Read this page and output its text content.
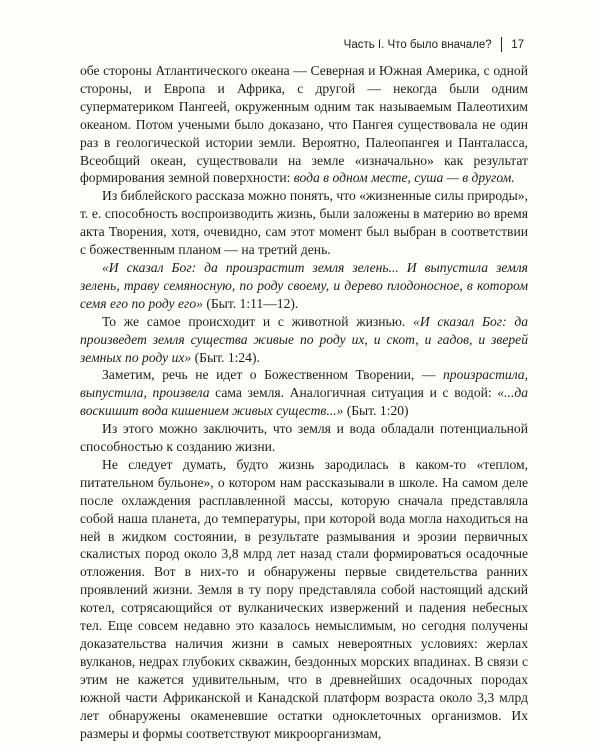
Часть I. Что было вначале? 17

обе стороны Атлантического океана — Северная и Южная Америка, с одной стороны, и Европа и Африка, с другой — некогда были одним суперматериком Пангеей, окруженным одним так называемым Палеотихим океаном. Потом учеными было доказано, что Пангея существовала не один раз в геологической истории земли. Вероятно, Палеопангея и Панталасса, Всеобщий океан, существовали на земле «изначально» как результат формирования земной поверхности: вода в одном месте, суша — в другом.

Из библейского рассказа можно понять, что «жизненные силы природы», т. е. способность воспроизводить жизнь, были заложены в материю во время акта Творения, хотя, очевидно, сам этот момент был выбран в соответствии с божественным планом — на третий день.

«И сказал Бог: да произрастит земля зелень... И выпустила земля зелень, траву семяносную, по роду своему, и дерево плодоносное, в котором семя его по роду его» (Быт. 1:11—12).

То же самое происходит и с животной жизнью. «И сказал Бог: да произведет земля существа живые по роду их, и скот, и гадов, и зверей земных по роду их» (Быт. 1:24).

Заметим, речь не идет о Божественном Творении, — произрастила, выпустила, произвела сама земля. Аналогичная ситуация и с водой: «...да воскишит вода кишением живых существ...» (Быт. 1:20)

Из этого можно заключить, что земля и вода обладали потенциальной способностью к созданию жизни.

Не следует думать, будто жизнь зародилась в каком-то «теплом, питательном бульоне», о котором нам рассказывали в школе. На самом деле после охлаждения расплавленной массы, которую сначала представляла собой наша планета, до температуры, при которой вода могла находиться на ней в жидком состоянии, в результате размывания и эрозии первичных скалистых пород около 3,8 млрд лет назад стали формироваться осадочные отложения. Вот в них-то и обнаружены первые свидетельства ранних проявлений жизни. Земля в ту пору представляла собой настоящий адский котел, сотрясающийся от вулканических извержений и падения небесных тел. Еще совсем недавно это казалось немыслимым, но сегодня получены доказательства наличия жизни в самых невероятных условиях: жерлах вулканов, недрах глубоких скважин, бездонных морских впадинах. В связи с этим не кажется удивительным, что в древнейших осадочных породах южной части Африканской и Канадской платформ возраста около 3,3 млрд лет обнаружены окаменевшие остатки одноклеточных организмов. Их размеры и формы соответствуют микроорганизмам,
